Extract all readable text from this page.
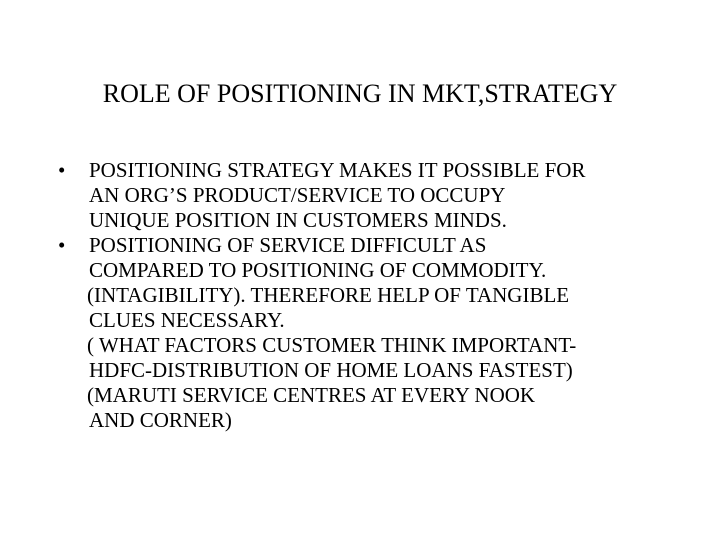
ROLE OF POSITIONING IN MKT,STRATEGY
• POSITIONING STRATEGY MAKES IT POSSIBLE FOR
AN ORG’S PRODUCT/SERVICE TO OCCUPY
UNIQUE POSITION IN CUSTOMERS MINDS.
• POSITIONING OF SERVICE DIFFICULT AS
COMPARED TO POSITIONING OF COMMODITY.
(INTAGIBILITY). THEREFORE HELP OF TANGIBLE
CLUES NECESSARY.
( WHAT FACTORS CUSTOMER THINK IMPORTANT-
HDFC-DISTRIBUTION OF HOME LOANS FASTEST)
(MARUTI SERVICE CENTRES AT EVERY NOOK
AND CORNER)
